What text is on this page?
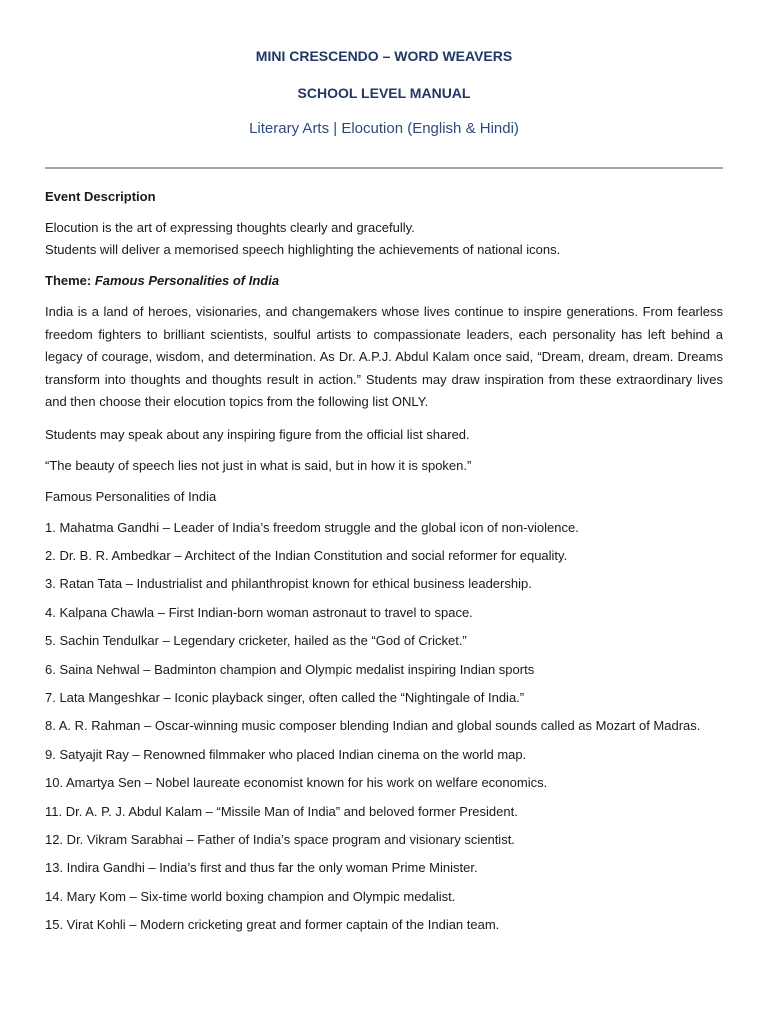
MINI CRESCENDO – WORD WEAVERS
SCHOOL LEVEL MANUAL
Literary Arts | Elocution (English & Hindi)

Event Description

Elocution is the art of expressing thoughts clearly and gracefully.

Students will deliver a memorised speech highlighting the achievements of national icons.

Theme: Famous Personalities of India

India is a land of heroes, visionaries, and changemakers whose lives continue to inspire generations. From fearless freedom fighters to brilliant scientists, soulful artists to compassionate leaders, each personality has left behind a legacy of courage, wisdom, and determination. As Dr. A.P.J. Abdul Kalam once said, “Dream, dream, dream. Dreams transform into thoughts and thoughts result in action.” Students may draw inspiration from these extraordinary lives and then choose their elocution topics from the following list ONLY.

Students may speak about any inspiring figure from the official list shared.

“The beauty of speech lies not just in what is said, but in how it is spoken.”

Famous Personalities of India

1. Mahatma Gandhi – Leader of India’s freedom struggle and the global icon of non-violence.
2. Dr. B. R. Ambedkar – Architect of the Indian Constitution and social reformer for equality.
3. Ratan Tata – Industrialist and philanthropist known for ethical business leadership.
4. Kalpana Chawla – First Indian-born woman astronaut to travel to space.
5. Sachin Tendulkar – Legendary cricketer, hailed as the “God of Cricket.”
6. Saina Nehwal – Badminton champion and Olympic medalist inspiring Indian sports
7. Lata Mangeshkar – Iconic playback singer, often called the “Nightingale of India.”
8. A. R. Rahman – Oscar-winning music composer blending Indian and global sounds called as Mozart of Madras.
9. Satyajit Ray – Renowned filmmaker who placed Indian cinema on the world map.
10. Amartya Sen – Nobel laureate economist known for his work on welfare economics.
11. Dr. A. P. J. Abdul Kalam – “Missile Man of India” and beloved former President.
12. Dr. Vikram Sarabhai – Father of India’s space program and visionary scientist.
13. Indira Gandhi – India’s first and thus far the only woman Prime Minister.
14. Mary Kom – Six-time world boxing champion and Olympic medalist.
15. Virat Kohli – Modern cricketing great and former captain of the Indian team.
